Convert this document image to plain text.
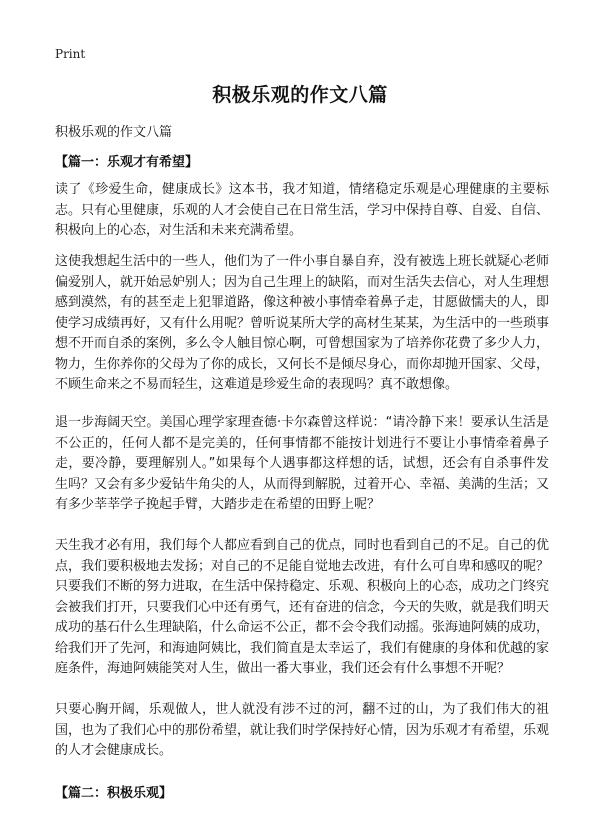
Print
积极乐观的作文八篇
积极乐观的作文八篇
【篇一：乐观才有希望】

读了《珍爱生命，健康成长》这本书，我才知道，情绪稳定乐观是心理健康的主要标志。只有心里健康，乐观的人才会使自己在日常生活，学习中保持自尊、自爱、自信、积极向上的心态，对生活和未来充满希望。

这使我想起生活中的一些人，他们为了一件小事自暴自弃，没有被选上班长就疑心老师偏爱别人，就开始忌妒别人；因为自己生理上的缺陷，而对生活失去信心，对人生理想感到漠然，有的甚至走上犯罪道路，像这种被小事情牵着鼻子走，甘愿做懦夫的人，即使学习成绩再好，又有什么用呢？曾听说某所大学的高材生某某，为生活中的一些琐事想不开而自杀的案例，多么令人触目惊心啊，可曾想国家为了培养你花费了多少人力，物力，生你养你的父母为了你的成长，又何长不是倾尽身心，而你却抛开国家、父母，不顾生命来之不易而轻生，这难道是珍爱生命的表现吗？真不敢想像。

退一步海阔天空。美国心理学家理查德·卡尔森曾这样说：“请冷静下来！要承认生活是不公正的，任何人都不是完美的，任何事情都不能按计划进行不要让小事情牵着鼻子走，要冷静，要理解别人。”如果每个人遇事都这样想的话，试想，还会有自杀事件发生吗？又会有多少爱钻牛角尖的人，从而得到解脱，过着开心、幸福、美满的生活；又有多少莘莘学子挽起手臂，大踏步走在希望的田野上呢？

天生我才必有用，我们每个人都应看到自己的优点，同时也看到自己的不足。自己的优点，我们要积极地去发扬；对自己的不足能自觉地去改进，有什么可自卑和感叹的呢？只要我们不断的努力进取，在生活中保持稳定、乐观、积极向上的心态，成功之门终究会被我们打开，只要我们心中还有勇气，还有奋进的信念，今天的失败，就是我们明天成功的基石什么生理缺陷，什么命运不公正，都不会令我们动摇。张海迪阿姨的成功，给我们开了先河，和海迪阿姨比，我们简直是太幸运了，我们有健康的身体和优越的家庭条件，海迪阿姨能笑对人生，做出一番大事业，我们还会有什么事想不开呢？

只要心胸开阔，乐观做人，世人就没有涉不过的河，翻不过的山，为了我们伟大的祖国，也为了我们心中的那份希望，就让我们时学保持好心情，因为乐观才有希望，乐观的人才会健康成长。

【篇二：积极乐观】
